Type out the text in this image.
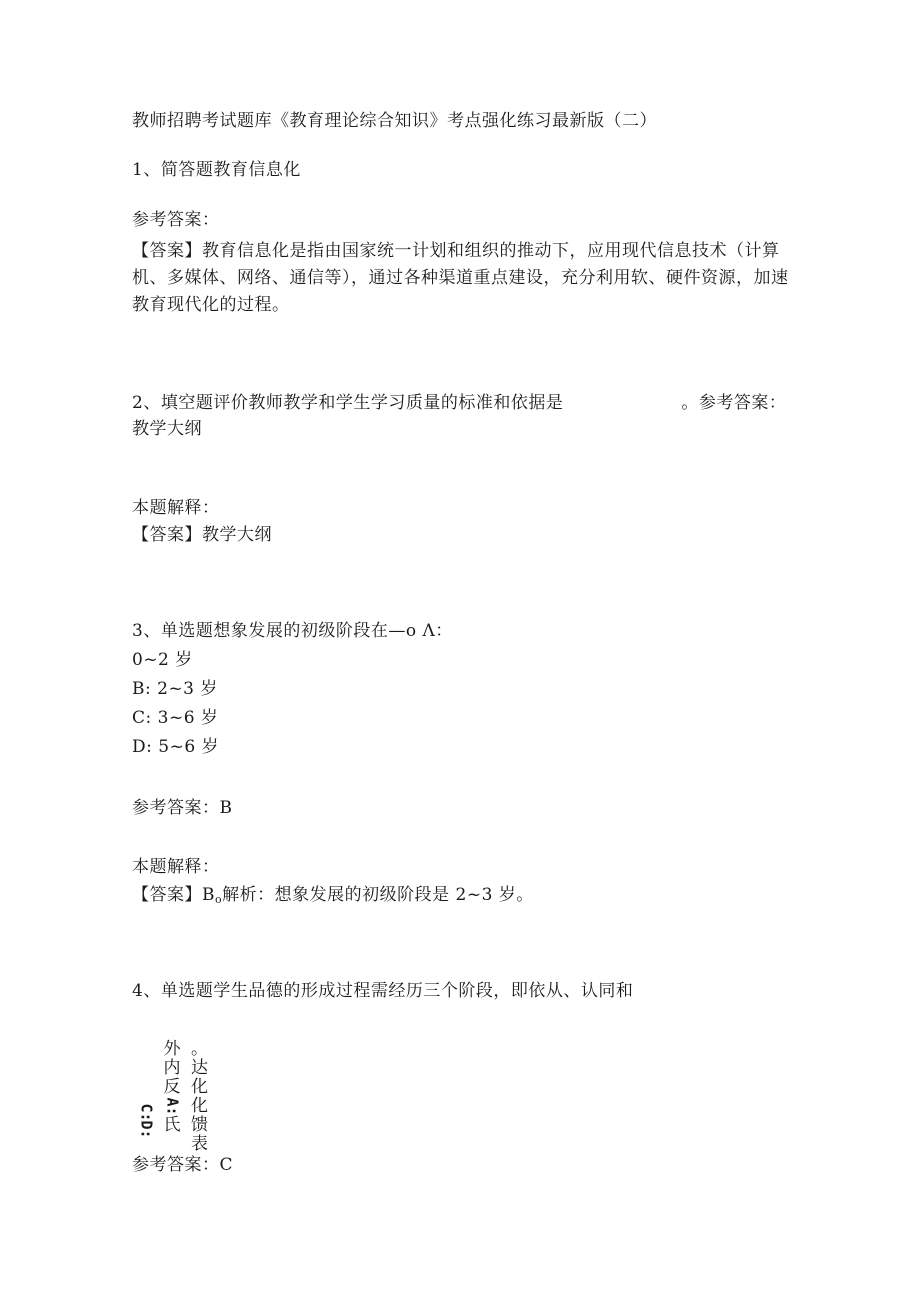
教师招聘考试题库《教育理论综合知识》考点强化练习最新版（二）
1、简答题教育信息化
参考答案：
【答案】教育信息化是指由国家统一计划和组织的推动下，应用现代信息技术（计算机、多媒体、网络、通信等），通过各种渠道重点建设，充分利用软、硬件资源，加速教育现代化的过程。
2、填空题评价教师教学和学生学习质量的标准和依据是	。参考答案：教学大纲
本题解释：
【答案】教学大纲
3、单选题想象发展的初级阶段在—o Λ：
0~2 岁
B: 2~3 岁
C: 3~6 岁
D: 5~6 岁
参考答案：B
本题解释：
【答案】Bo解析：想象发展的初级阶段是 2~3 岁。
4、单选题学生品德的形成过程需经历三个阶段，即依从、认同和
外
内
反
A:
氏
。
达
化
化
馈
表
C:
D:
参考答案：C
